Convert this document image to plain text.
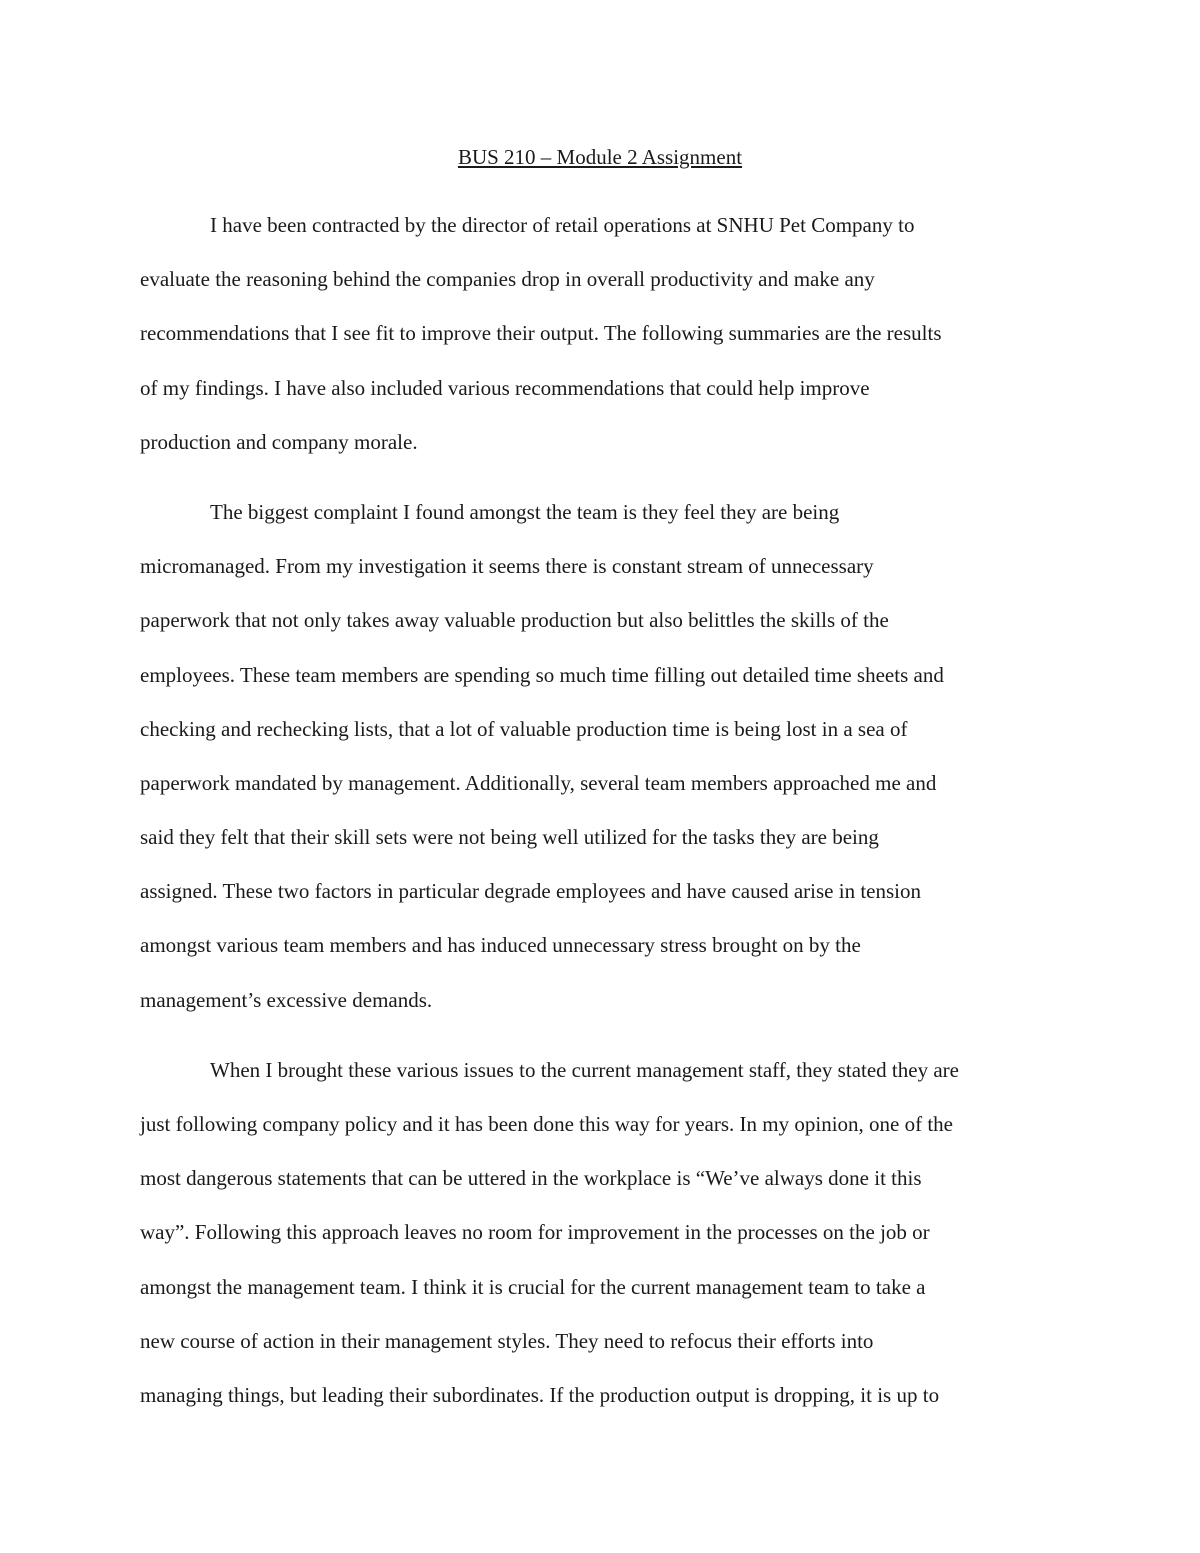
BUS 210 – Module 2 Assignment
I have been contracted by the director of retail operations at SNHU Pet Company to
evaluate the reasoning behind the companies drop in overall productivity and make any
recommendations that I see fit to improve their output. The following summaries are the results
of my findings. I have also included various recommendations that could help improve
production and company morale.
The biggest complaint I found amongst the team is they feel they are being
micromanaged. From my investigation it seems there is constant stream of unnecessary
paperwork that not only takes away valuable production but also belittles the skills of the
employees. These team members are spending so much time filling out detailed time sheets and
checking and rechecking lists, that a lot of valuable production time is being lost in a sea of
paperwork mandated by management. Additionally, several team members approached me and
said they felt that their skill sets were not being well utilized for the tasks they are being
assigned. These two factors in particular degrade employees and have caused arise in tension
amongst various team members and has induced unnecessary stress brought on by the
management’s excessive demands.
When I brought these various issues to the current management staff, they stated they are
just following company policy and it has been done this way for years. In my opinion, one of the
most dangerous statements that can be uttered in the workplace is “We’ve always done it this
way”. Following this approach leaves no room for improvement in the processes on the job or
amongst the management team. I think it is crucial for the current management team to take a
new course of action in their management styles. They need to refocus their efforts into
managing things, but leading their subordinates. If the production output is dropping, it is up to
